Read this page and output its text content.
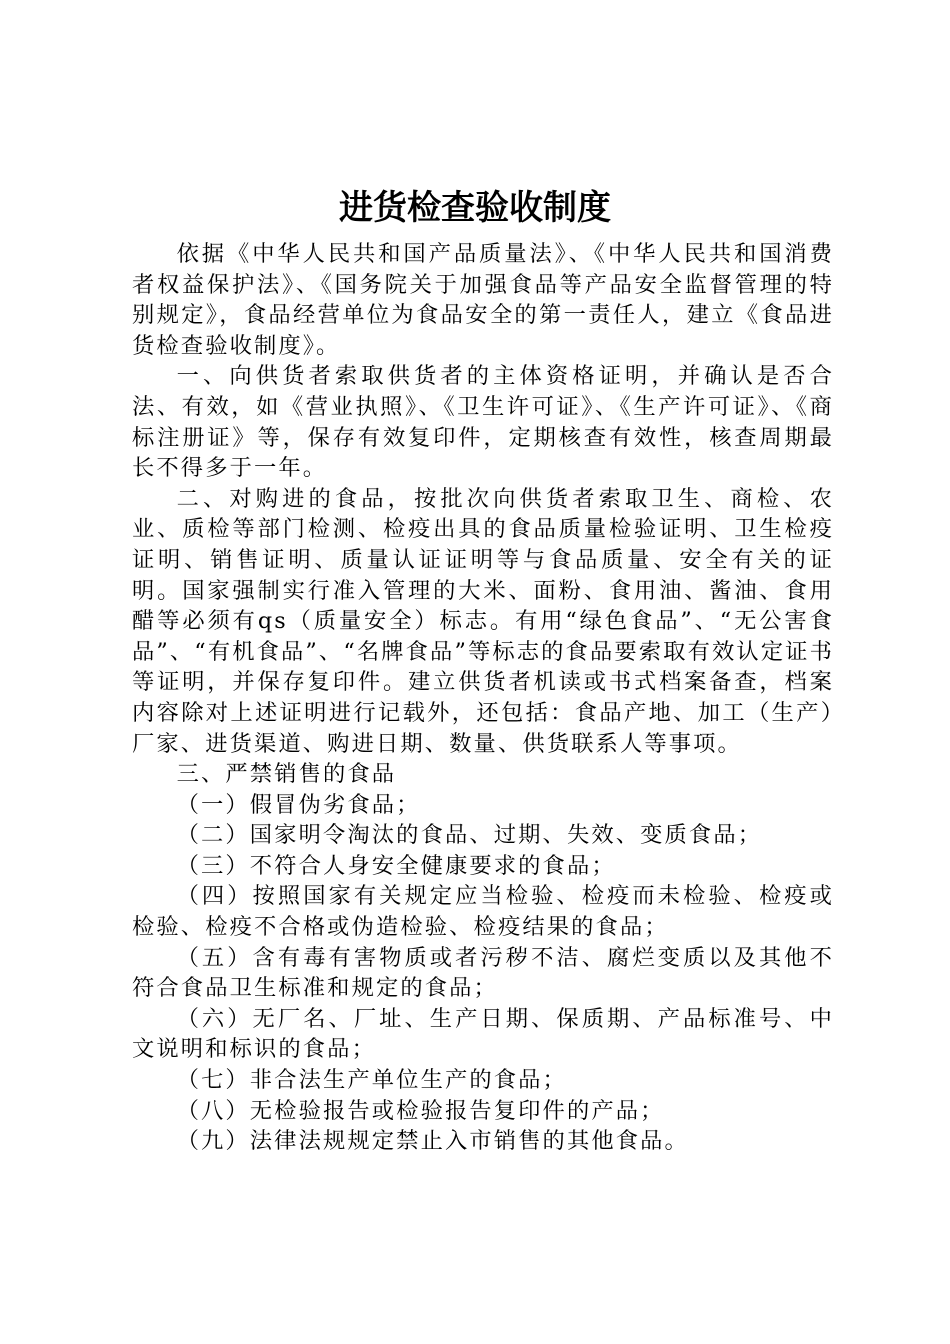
进货检查验收制度

依据《中华人民共和国产品质量法》、《中华人民共和国消费者权益保护法》、《国务院关于加强食品等产品安全监督管理的特别规定》，食品经营单位为食品安全的第一责任人，建立《食品进货检查验收制度》。

一、向供货者索取供货者的主体资格证明，并确认是否合法、有效，如《营业执照》、《卫生许可证》、《生产许可证》、《商标注册证》等，保存有效复印件，定期核查有效性，核查周期最长不得多于一年。

二、对购进的食品，按批次向供货者索取卫生、商检、农业、质检等部门检测、检疫出具的食品质量检验证明、卫生检疫证明、销售证明、质量认证证明等与食品质量、安全有关的证明。国家强制实行准入管理的大米、面粉、食用油、酱油、食用醋等必须有qs（质量安全）标志。有用“绿色食品”、“无公害食品”、“有机食品”、“名牌食品”等标志的食品要索取有效认定证书等证明，并保存复印件。建立供货者机读或书式档案备查，档案内容除对上述证明进行记载外，还包括：食品产地、加工（生产）厂家、进货渠道、购进日期、数量、供货联系人等事项。

三、严禁销售的食品

（一）假冒伪劣食品；

（二）国家明令淘汰的食品、过期、失效、变质食品；

（三）不符合人身安全健康要求的食品；

（四）按照国家有关规定应当检验、检疫而未检验、检疫或检验、检疫不合格或伪造检验、检疫结果的食品；

（五）含有毒有害物质或者污秽不洁、腐烂变质以及其他不符合食品卫生标准和规定的食品；

（六）无厂名、厂址、生产日期、保质期、产品标准号、中文说明和标识的食品；

（七）非合法生产单位生产的食品；

（八）无检验报告或检验报告复印件的产品；

（九）法律法规规定禁止入市销售的其他食品。
